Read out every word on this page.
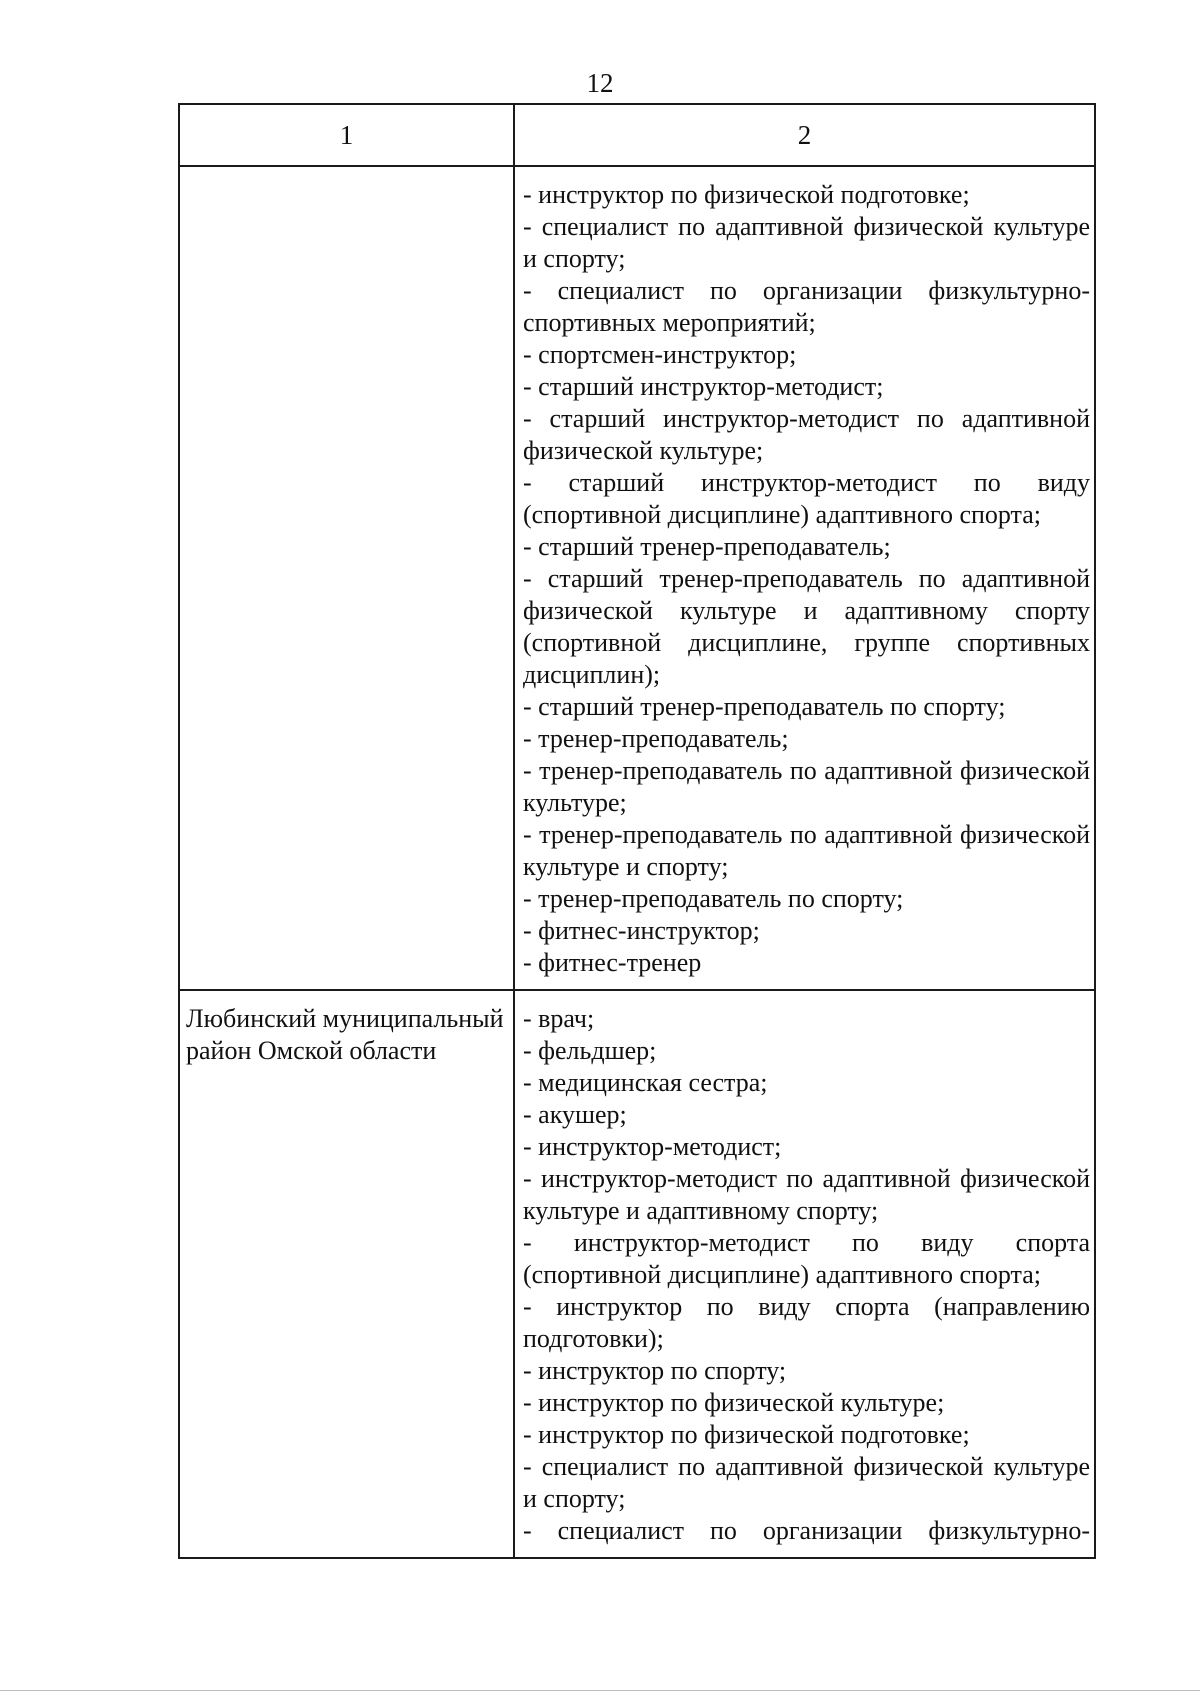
12
1	2
- инструктор по физической подготовке;
- специалист по адаптивной физической культуре и спорту;
- специалист по организации физкультурно-спортивных мероприятий;
- спортсмен-инструктор;
- старший инструктор-методист;
- старший инструктор-методист по адаптивной физической культуре;
- старший инструктор-методист по виду (спортивной дисциплине) адаптивного спорта;
- старший тренер-преподаватель;
- старший тренер-преподаватель по адаптивной физической культуре и адаптивному спорту (спортивной дисциплине, группе спортивных дисциплин);
- старший тренер-преподаватель по спорту;
- тренер-преподаватель;
- тренер-преподаватель по адаптивной физической культуре;
- тренер-преподаватель по адаптивной физической культуре и спорту;
- тренер-преподаватель по спорту;
- фитнес-инструктор;
- фитнес-тренер
Любинский муниципальный район Омской области
- врач;
- фельдшер;
- медицинская сестра;
- акушер;
- инструктор-методист;
- инструктор-методист по адаптивной физической культуре и адаптивному спорту;
- инструктор-методист по виду спорта (спортивной дисциплине) адаптивного спорта;
- инструктор по виду спорта (направлению подготовки);
- инструктор по спорту;
- инструктор по физической культуре;
- инструктор по физической подготовке;
- специалист по адаптивной физической культуре и спорту;
- специалист по организации физкультурно-
